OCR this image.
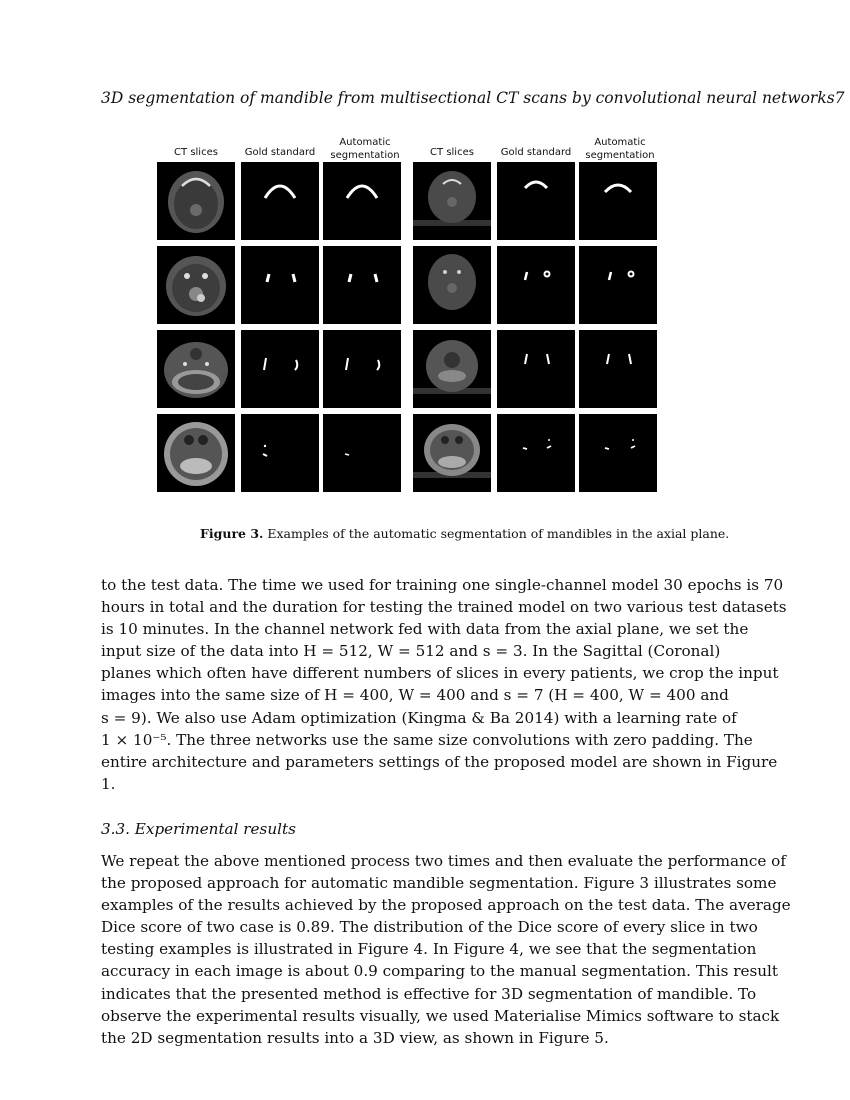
3D segmentation of mandible from multisectional CT scans by convolutional neural networks7
CT slices	Gold standard
Automatic
segmentation	CT slices	Gold standard
Automatic
segmentation
Figure 3. Examples of the automatic segmentation of mandibles in the axial plane.
to the test data. The time we used for training one single-channel model 30 epochs is 70
hours in total and the duration for testing the trained model on two various test datasets
is 10 minutes. In the channel network fed with data from the axial plane, we set the
input size of the data into H = 512, W = 512 and s = 3. In the Sagittal (Coronal)
planes which often have different numbers of slices in every patients, we crop the input
images into the same size of H = 400, W = 400 and s = 7 (H = 400, W = 400 and
s = 9). We also use Adam optimization (Kingma & Ba 2014) with a learning rate of
1 × 10⁻⁵. The three networks use the same size convolutions with zero padding. The
entire architecture and parameters settings of the proposed model are shown in Figure
1.
3.3. Experimental results
We repeat the above mentioned process two times and then evaluate the performance of
the proposed approach for automatic mandible segmentation. Figure 3 illustrates some
examples of the results achieved by the proposed approach on the test data. The average
Dice score of two case is 0.89. The distribution of the Dice score of every slice in two
testing examples is illustrated in Figure 4. In Figure 4, we see that the segmentation
accuracy in each image is about 0.9 comparing to the manual segmentation. This result
indicates that the presented method is effective for 3D segmentation of mandible. To
observe the experimental results visually, we used Materialise Mimics software to stack
the 2D segmentation results into a 3D view, as shown in Figure 5.
